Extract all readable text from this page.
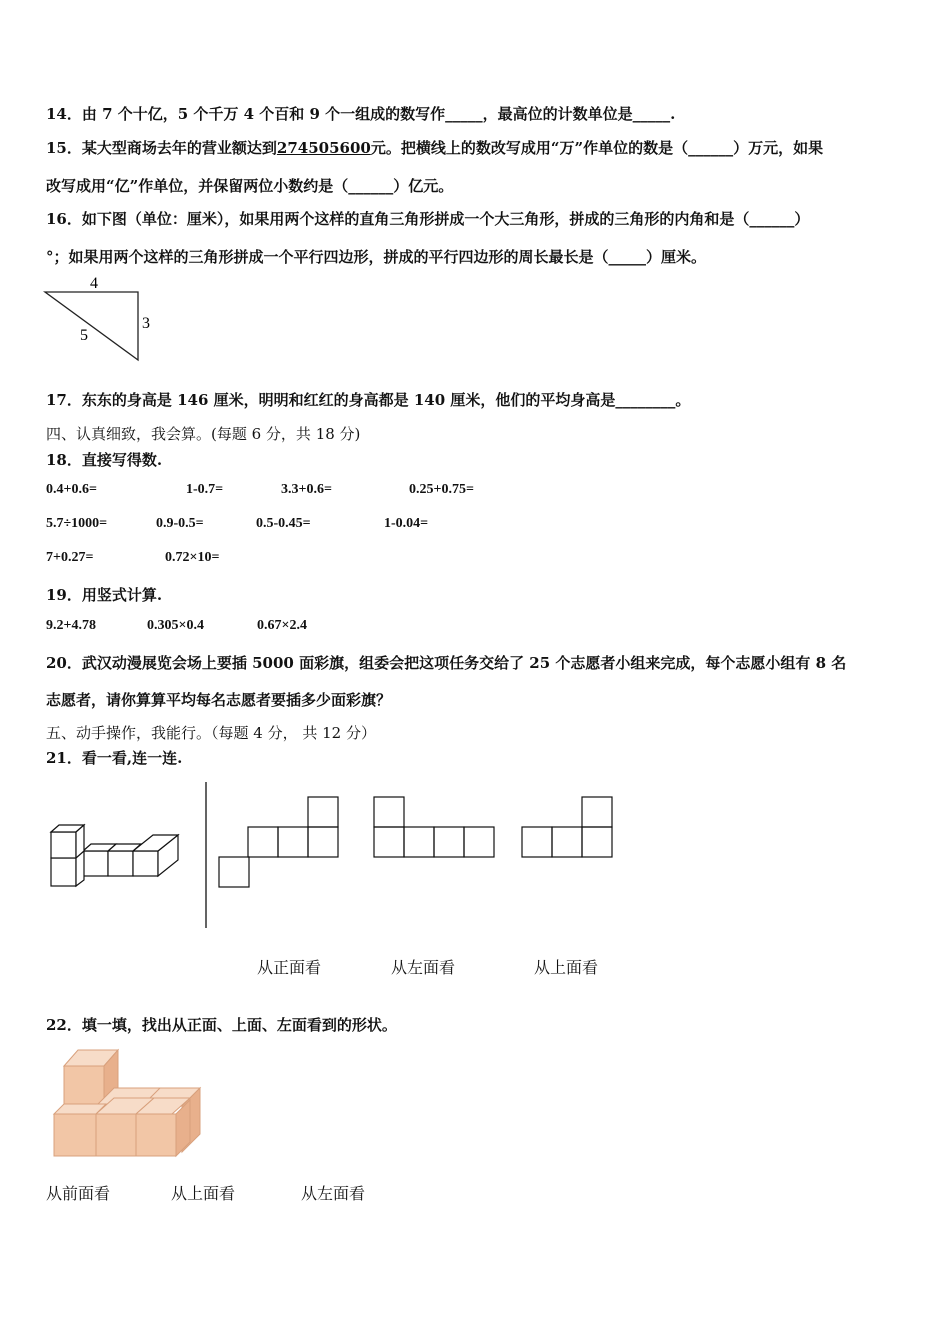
14．由 7 个十亿，5 个千万 4 个百和 9 个一组成的数写作_____，最高位的计数单位是_____.
15．某大型商场去年的营业额达到274505600元。把横线上的数改写成用“万”作单位的数是（______）万元，如果
改写成用“亿”作单位，并保留两位小数约是（______）亿元。
16．如下图（单位：厘米），如果用两个这样的直角三角形拼成一个大三角形，拼成的三角形的内角和是（______）
°；如果用两个这样的三角形拼成一个平行四边形，拼成的平行四边形的周长最长是（_____）厘米。
4
5
3
17．东东的身高是 146 厘米，明明和红红的身高都是 140 厘米，他们的平均身高是________。
四、认真细致，我会算。(每题 6 分，共 18 分)
18．直接写得数.
0.4+0.6=	1-0.7=	3.3+0.6=	0.25+0.75=
5.7÷1000=	0.9-0.5=	0.5-0.45=	1-0.04=
7+0.27=	0.72×10=
19．用竖式计算.
9.2+4.78	0.305×0.4	0.67×2.4
20．武汉动漫展览会场上要插 5000 面彩旗，组委会把这项任务交给了 25 个志愿者小组来完成，每个志愿小组有 8 名
志愿者，请你算算平均每名志愿者要插多少面彩旗？
五、动手操作，我能行。（每题 4 分， 共 12 分）
21．看一看,连一连.
从正面看	从左面看	从上面看
22．填一填，找出从正面、上面、左面看到的形状。
从前面看	从上面看	从左面看
